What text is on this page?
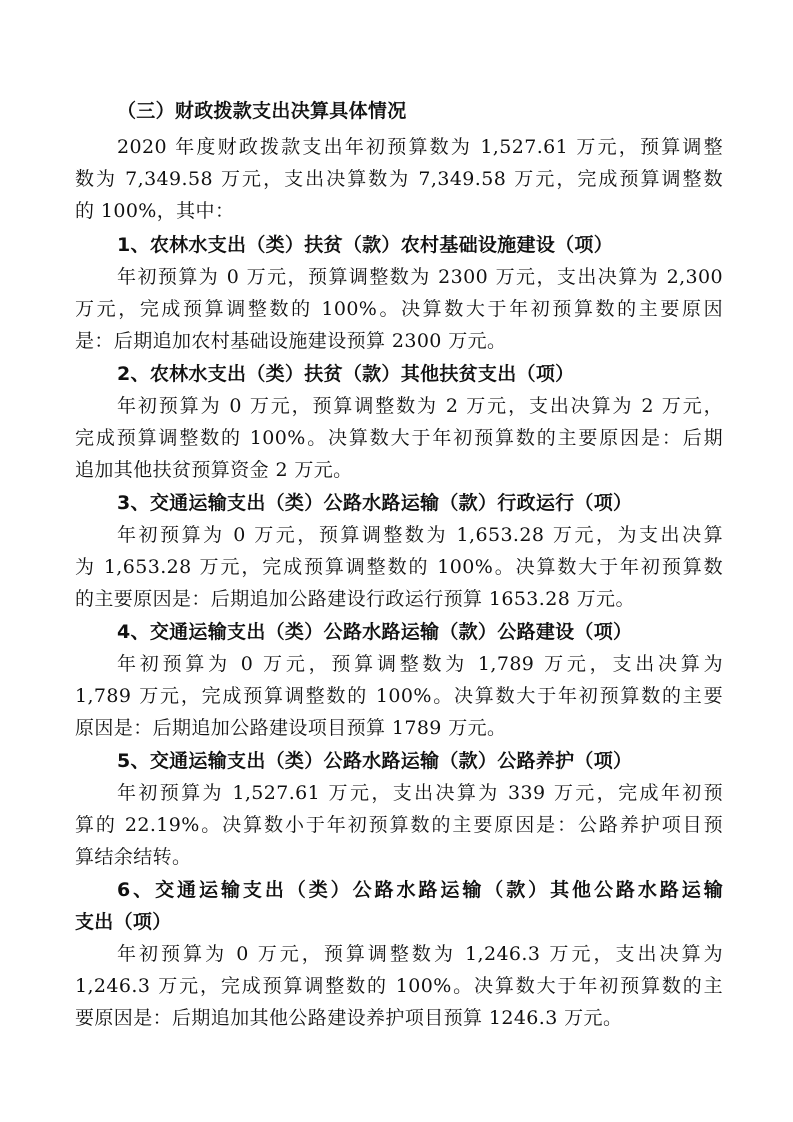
（三）财政拨款支出决算具体情况
2020 年度财政拨款支出年初预算数为 1,527.61 万元，预算调整
数为 7,349.58 万元，支出决算数为 7,349.58 万元，完成预算调整数
的 100%，其中：
1、农林水支出（类）扶贫（款）农村基础设施建设（项）
年初预算为 0 万元，预算调整数为 2300 万元，支出决算为 2,300
万元，完成预算调整数的 100%。决算数大于年初预算数的主要原因
是：后期追加农村基础设施建设预算 2300 万元。
2、农林水支出（类）扶贫（款）其他扶贫支出（项）
年初预算为 0 万元，预算调整数为 2 万元，支出决算为 2 万元，
完成预算调整数的 100%。决算数大于年初预算数的主要原因是：后期
追加其他扶贫预算资金 2 万元。
3、交通运输支出（类）公路水路运输（款）行政运行（项）
年初预算为 0 万元，预算调整数为 1,653.28 万元，为支出决算
为 1,653.28 万元，完成预算调整数的 100%。决算数大于年初预算数
的主要原因是：后期追加公路建设行政运行预算 1653.28 万元。
4、交通运输支出（类）公路水路运输（款）公路建设（项）
年初预算为 0 万元，预算调整数为 1,789 万元，支出决算为
1,789 万元，完成预算调整数的 100%。决算数大于年初预算数的主要
原因是：后期追加公路建设项目预算 1789 万元。
5、交通运输支出（类）公路水路运输（款）公路养护（项）
年初预算为 1,527.61 万元，支出决算为 339 万元，完成年初预
算的 22.19%。决算数小于年初预算数的主要原因是：公路养护项目预
算结余结转。
6、交通运输支出（类）公路水路运输（款）其他公路水路运输
支出（项）
年初预算为 0 万元，预算调整数为 1,246.3 万元，支出决算为
1,246.3 万元，完成预算调整数的 100%。决算数大于年初预算数的主
要原因是：后期追加其他公路建设养护项目预算 1246.3 万元。
